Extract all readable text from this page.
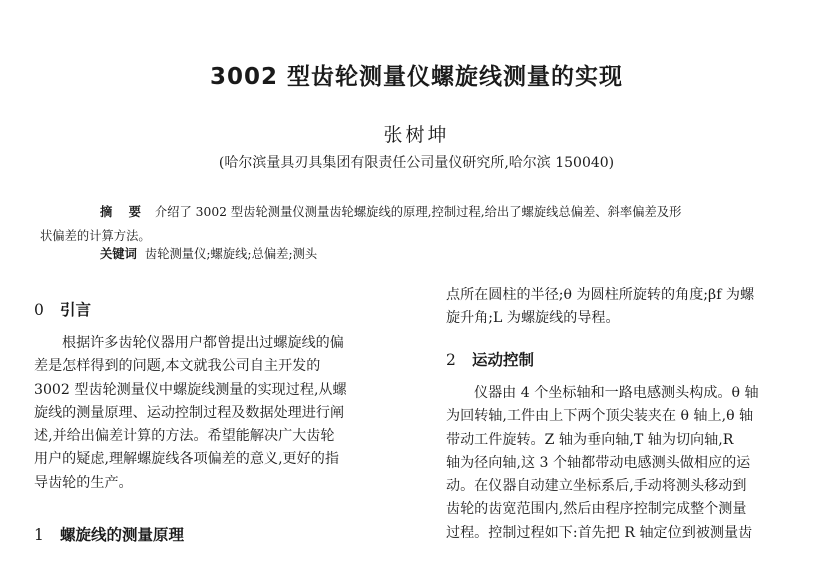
3002 型齿轮测量仪螺旋线测量的实现
张树坤
(哈尔滨量具刃具集团有限责任公司量仪研究所,哈尔滨 150040)
摘 要 介绍了 3002 型齿轮测量仪测量齿轮螺旋线的原理,控制过程,给出了螺旋线总偏差、斜率偏差及形
状偏差的计算方法。
关键词 齿轮测量仪;螺旋线;总偏差;测头
0 引言
根据许多齿轮仪器用户都曾提出过螺旋线的偏
差是怎样得到的问题,本文就我公司自主开发的
3002 型齿轮测量仪中螺旋线测量的实现过程,从螺
旋线的测量原理、运动控制过程及数据处理进行阐
述,并给出偏差计算的方法。希望能解决广大齿轮
用户的疑虑,理解螺旋线各项偏差的意义,更好的指
导齿轮的生产。
1 螺旋线的测量原理
点所在圆柱的半径;θ 为圆柱所旋转的角度;βf 为螺
旋升角;L 为螺旋线的导程。
2 运动控制
仪器由 4 个坐标轴和一路电感测头构成。θ 轴
为回转轴,工件由上下两个顶尖装夹在 θ 轴上,θ 轴
带动工件旋转。Z 轴为垂向轴,T 轴为切向轴,R
轴为径向轴,这 3 个轴都带动电感测头做相应的运
动。在仪器自动建立坐标系后,手动将测头移动到
齿轮的齿宽范围内,然后由程序控制完成整个测量
过程。控制过程如下:首先把 R 轴定位到被测量齿
